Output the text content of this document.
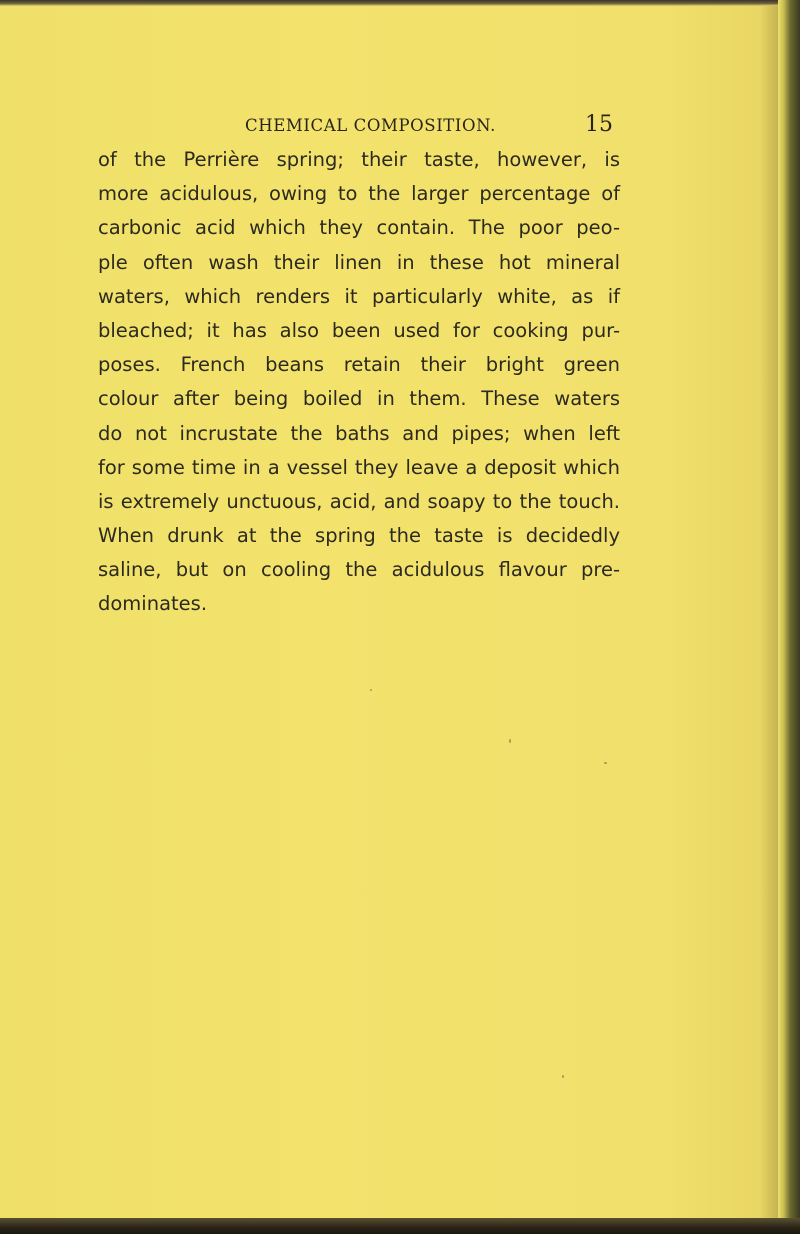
CHEMICAL COMPOSITION.	15
of the Perrière spring; their taste, however, is
more acidulous, owing to the larger percentage of
carbonic acid which they contain. The poor peo-
ple often wash their linen in these hot mineral
waters, which renders it particularly white, as if
bleached; it has also been used for cooking pur-
poses. French beans retain their bright green
colour after being boiled in them. These waters
do not incrustate the baths and pipes; when left
for some time in a vessel they leave a deposit which
is extremely unctuous, acid, and soapy to the touch.
When drunk at the spring the taste is decidedly
saline, but on cooling the acidulous flavour pre-
dominates.
